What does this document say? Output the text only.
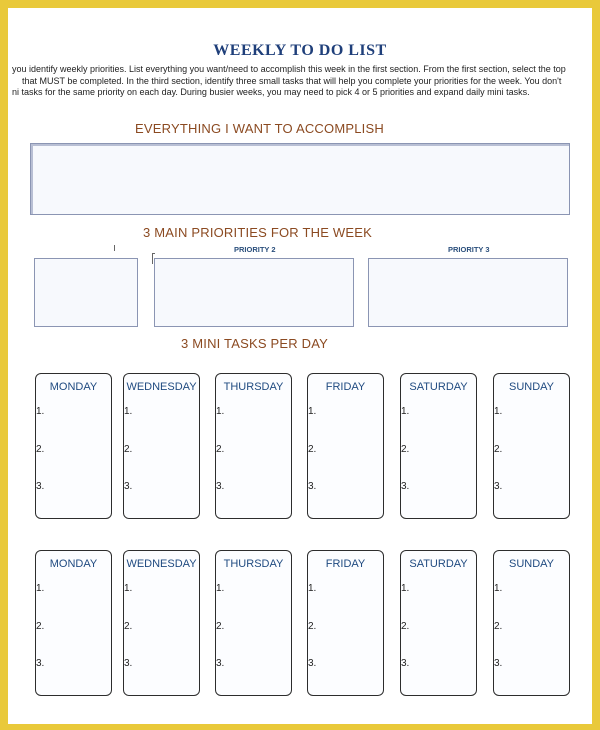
WEEKLY TO DO LIST
you identify weekly priorities. List everything you want/need to accomplish this week in the first section. From the first section, select the top
that MUST be completed. In the third section, identify three small tasks that will help you complete your priorities for the week. You don't
ni tasks for the same priority on each day. During busier weeks, you may need to pick 4 or 5 priorities and expand daily mini tasks.
EVERYTHING I WANT TO ACCOMPLISH
3 MAIN PRIORITIES FOR THE WEEK
PRIORITY 2	PRIORITY 3
3 MINI TASKS PER DAY
MONDAY
1.
2.
3.
WEDNESDAY
1.
2.
3.
THURSDAY
1.
2.
3.
FRIDAY
1.
2.
3.
SATURDAY
1.
2.
3.
SUNDAY
1.
2.
3.
MONDAY
1.
2.
3.
WEDNESDAY
1.
2.
3.
THURSDAY
1.
2.
3.
FRIDAY
1.
2.
3.
SATURDAY
1.
2.
3.
SUNDAY
1.
2.
3.
